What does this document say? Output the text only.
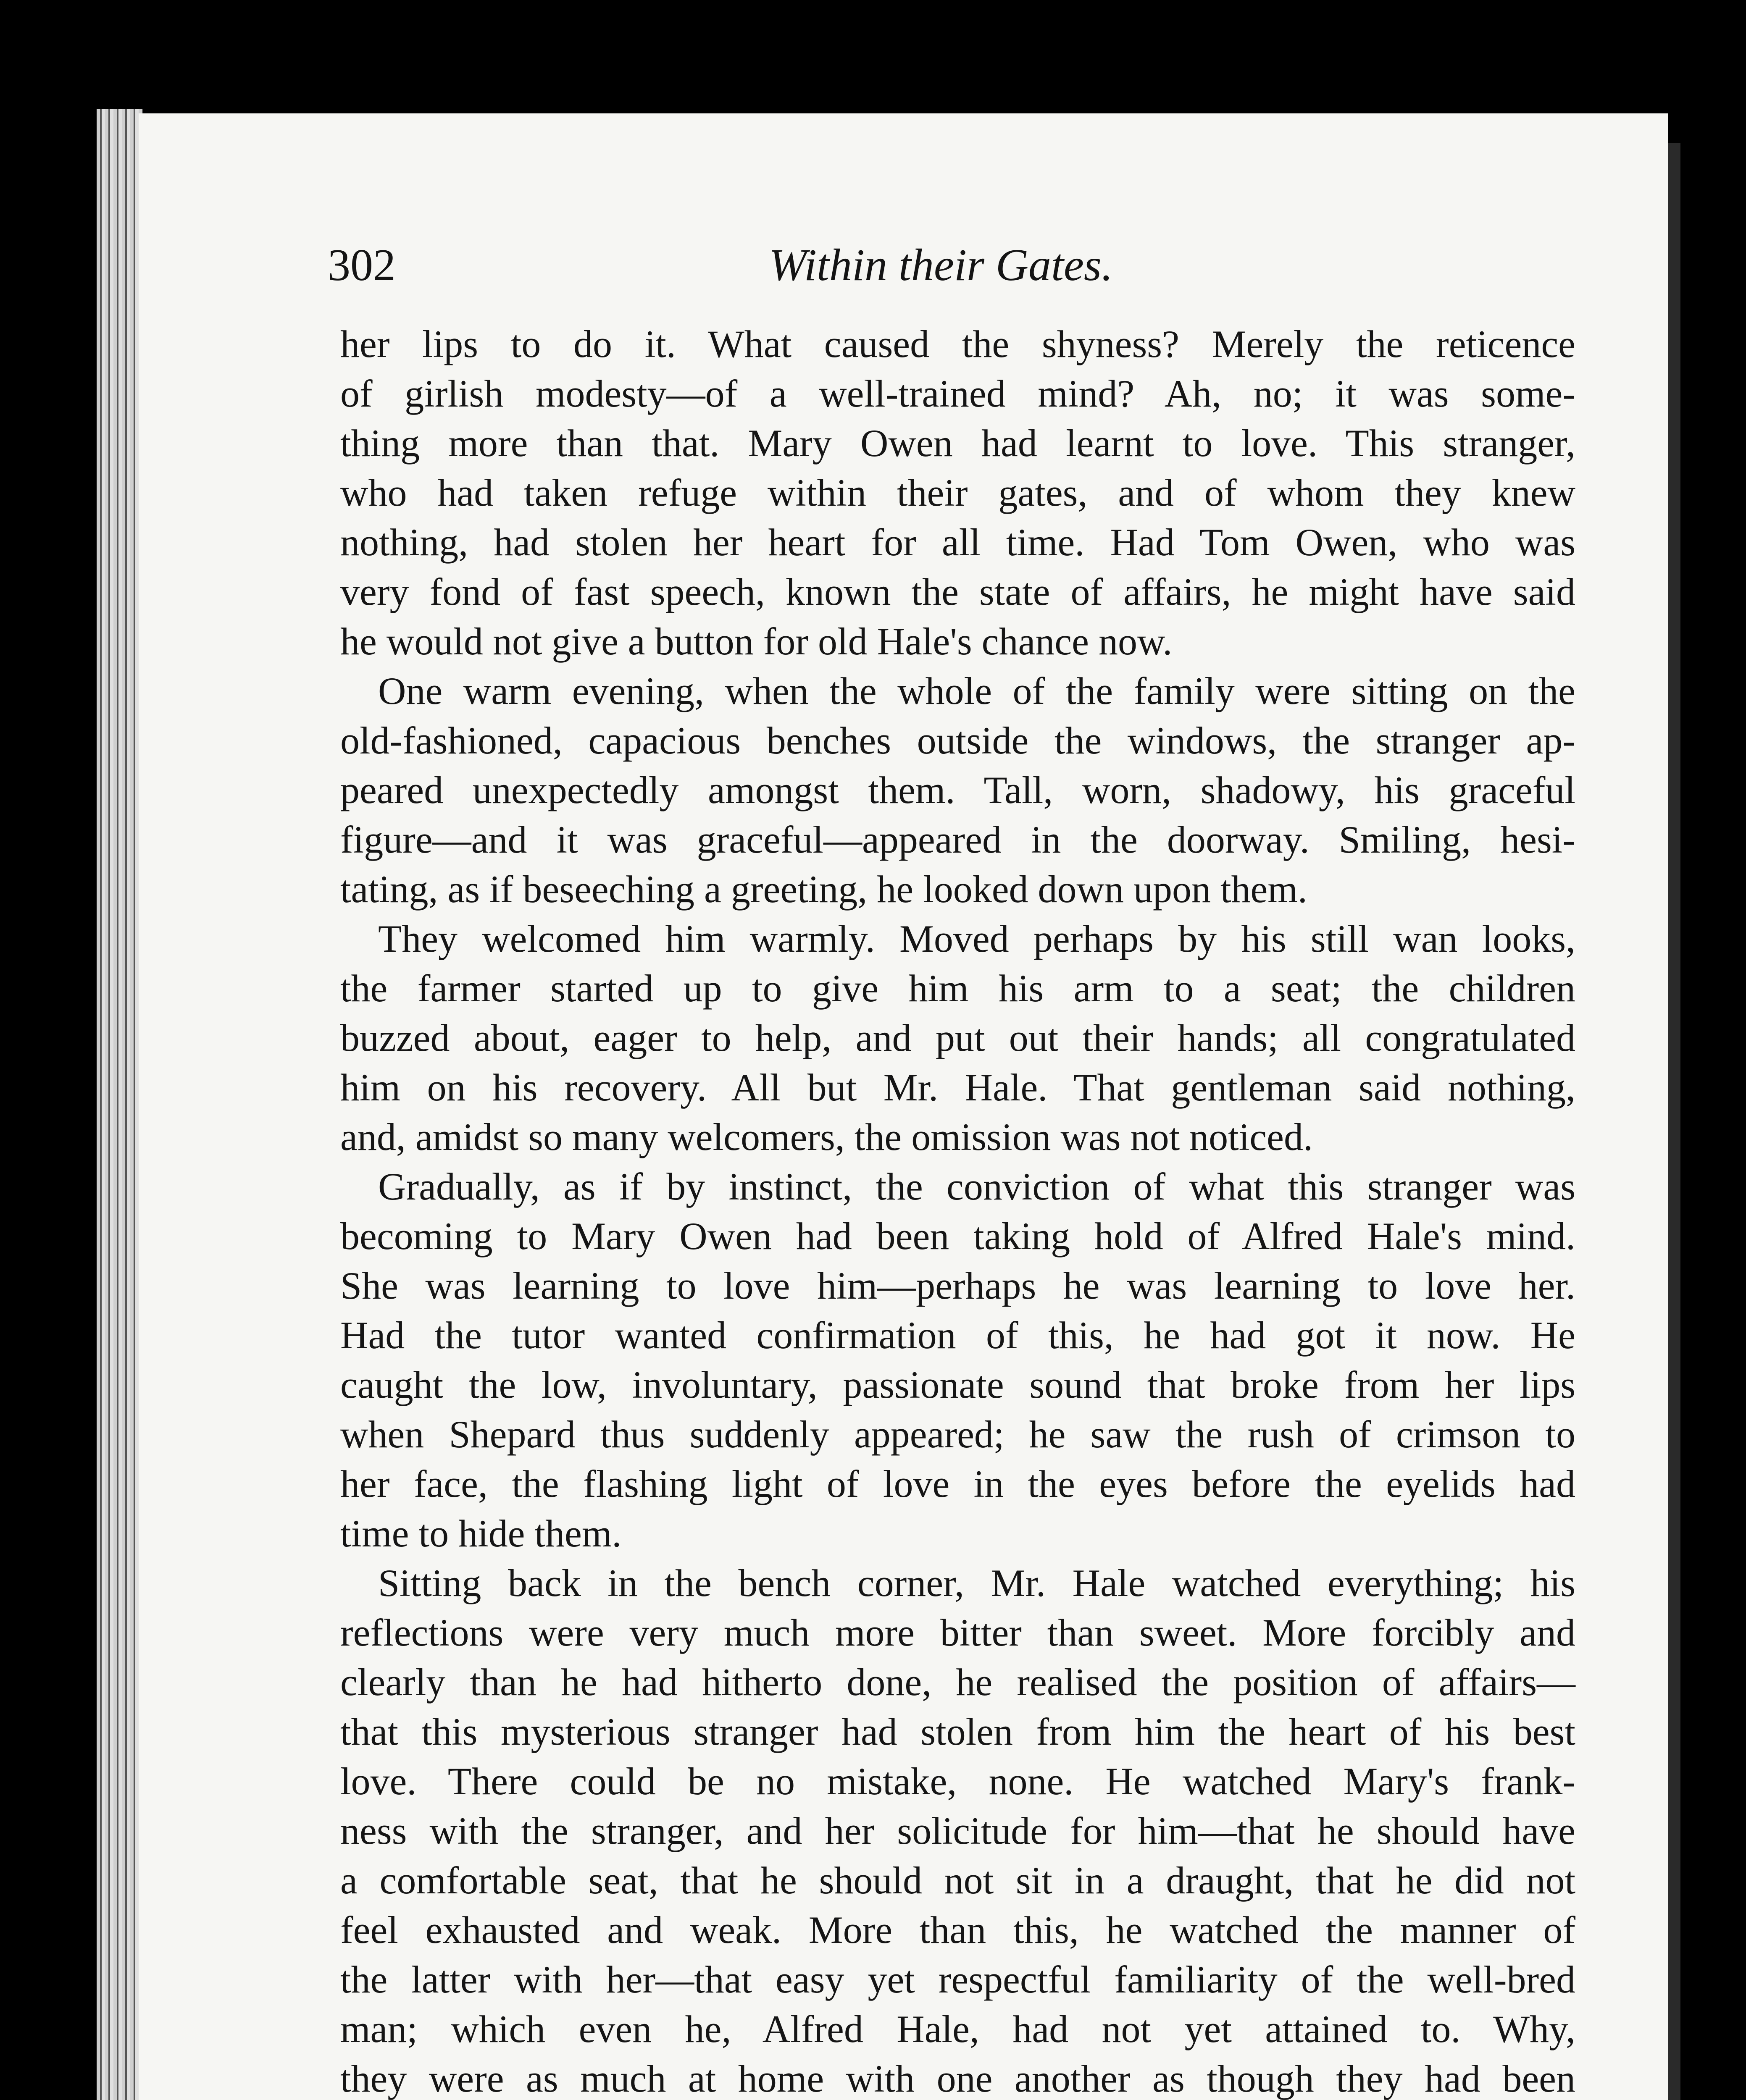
302	Within their Gates.
her lips to do it. What caused the shyness? Merely the reticence
of girlish modesty—of a well-trained mind? Ah, no; it was some-
thing more than that. Mary Owen had learnt to love. This stranger,
who had taken refuge within their gates, and of whom they knew
nothing, had stolen her heart for all time. Had Tom Owen, who was
very fond of fast speech, known the state of affairs, he might have said
he would not give a button for old Hale's chance now.
One warm evening, when the whole of the family were sitting on the
old-fashioned, capacious benches outside the windows, the stranger ap-
peared unexpectedly amongst them. Tall, worn, shadowy, his graceful
figure—and it was graceful—appeared in the doorway. Smiling, hesi-
tating, as if beseeching a greeting, he looked down upon them.
They welcomed him warmly. Moved perhaps by his still wan looks,
the farmer started up to give him his arm to a seat; the children
buzzed about, eager to help, and put out their hands; all congratulated
him on his recovery. All but Mr. Hale. That gentleman said nothing,
and, amidst so many welcomers, the omission was not noticed.
Gradually, as if by instinct, the conviction of what this stranger was
becoming to Mary Owen had been taking hold of Alfred Hale's mind.
She was learning to love him—perhaps he was learning to love her.
Had the tutor wanted confirmation of this, he had got it now. He
caught the low, involuntary, passionate sound that broke from her lips
when Shepard thus suddenly appeared; he saw the rush of crimson to
her face, the flashing light of love in the eyes before the eyelids had
time to hide them.
Sitting back in the bench corner, Mr. Hale watched everything; his
reflections were very much more bitter than sweet. More forcibly and
clearly than he had hitherto done, he realised the position of affairs—
that this mysterious stranger had stolen from him the heart of his best
love. There could be no mistake, none. He watched Mary's frank-
ness with the stranger, and her solicitude for him—that he should have
a comfortable seat, that he should not sit in a draught, that he did not
feel exhausted and weak. More than this, he watched the manner of
the latter with her—that easy yet respectful familiarity of the well-bred
man; which even he, Alfred Hale, had not yet attained to. Why,
they were as much at home with one another as though they had been
